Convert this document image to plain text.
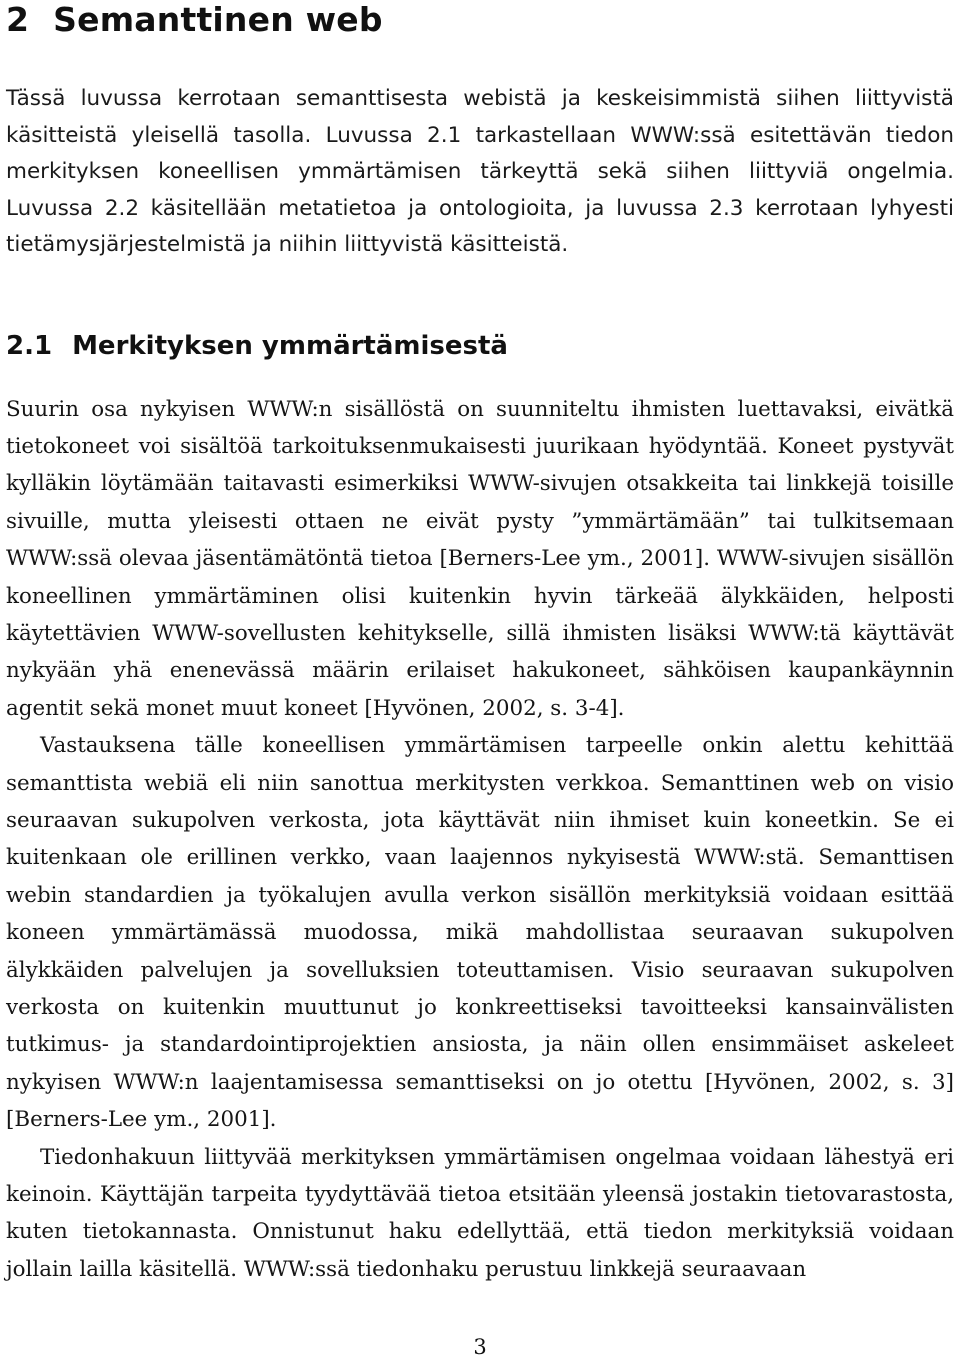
2 Semanttinen web

Tässä luvussa kerrotaan semanttisesta webistä ja keskeisimmistä siihen liittyvistä käsitteistä yleisellä tasolla. Luvussa 2.1 tarkastellaan WWW:ssä esitettävän tiedon merkityksen koneellisen ymmärtämisen tärkeyttä sekä siihen liittyviä ongelmia. Luvussa 2.2 käsitellään metatietoa ja ontologioita, ja luvussa 2.3 kerrotaan lyhyesti tietämysjärjestelmistä ja niihin liittyvistä käsitteistä.

2.1 Merkityksen ymmärtämisestä

Suurin osa nykyisen WWW:n sisällöstä on suunniteltu ihmisten luettavaksi, eivätkä tietokoneet voi sisältöä tarkoituksenmukaisesti juurikaan hyödyntää. Koneet pystyvät kylläkin löytämään taitavasti esimerkiksi WWW-sivujen otsakkeita tai linkkejä toisille sivuille, mutta yleisesti ottaen ne eivät pysty ”ymmärtämään” tai tulkitsemaan WWW:ssä olevaa jäsentämätöntä tietoa [Berners-Lee ym., 2001]. WWW-sivujen sisällön koneellinen ymmärtäminen olisi kuitenkin hyvin tärkeää älykkäiden, helposti käytettävien WWW-sovellusten kehitykselle, sillä ihmisten lisäksi WWW:tä käyttävät nykyään yhä enenevässä määrin erilaiset hakukoneet, sähköisen kaupankäynnin agentit sekä monet muut koneet [Hyvönen, 2002, s. 3-4].

Vastauksena tälle koneellisen ymmärtämisen tarpeelle onkin alettu kehittää semanttista webiä eli niin sanottua merkitysten verkkoa. Semanttinen web on visio seuraavan sukupolven verkosta, jota käyttävät niin ihmiset kuin koneetkin. Se ei kuitenkaan ole erillinen verkko, vaan laajennos nykyisestä WWW:stä. Semanttisen webin standardien ja työkalujen avulla verkon sisällön merkityksiä voidaan esittää koneen ymmärtämässä muodossa, mikä mahdollistaa seuraavan sukupolven älykkäiden palvelujen ja sovelluksien toteuttamisen. Visio seuraavan sukupolven verkosta on kuitenkin muuttunut jo konkreettiseksi tavoitteeksi kansainvälisten tutkimus- ja standardointiprojektien ansiosta, ja näin ollen ensimmäiset askeleet nykyisen WWW:n laajentamisessa semanttiseksi on jo otettu [Hyvönen, 2002, s. 3] [Berners-Lee ym., 2001].

Tiedonhakuun liittyvää merkityksen ymmärtämisen ongelmaa voidaan lähestyä eri keinoin. Käyttäjän tarpeita tyydyttävää tietoa etsitään yleensä jostakin tietovarastosta, kuten tietokannasta. Onnistunut haku edellyttää, että tiedon merkityksiä voidaan jollain lailla käsitellä. WWW:ssä tiedonhaku perustuu linkkejä seuraavaan

3
